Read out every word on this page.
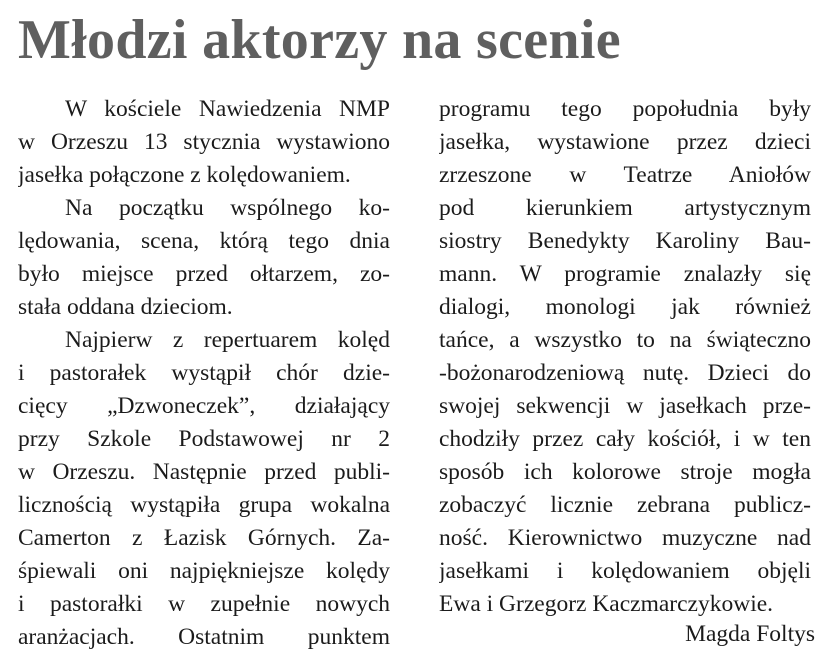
Młodzi aktorzy na scenie
W kościele Nawiedzenia NMP
w Orzeszu 13 stycznia wystawiono
jasełka połączone z kolędowaniem.
Na początku wspólnego ko-
lędowania, scena, którą tego dnia
było miejsce przed ołtarzem, zo-
stała oddana dzieciom.
Najpierw z repertuarem kolęd
i pastorałek wystąpił chór dzie-
cięcy „Dzwoneczek”, działający
przy Szkole Podstawowej nr 2
w Orzeszu. Następnie przed publi-
licznością wystąpiła grupa wokalna
Camerton z Łazisk Górnych. Za-
śpiewali oni najpiękniejsze kolędy
i pastorałki w zupełnie nowych
aranżacjach. Ostatnim punktem
programu tego popołudnia były
jasełka, wystawione przez dzieci
zrzeszone w Teatrze Aniołów
pod kierunkiem artystycznym
siostry Benedykty Karoliny Bau-
mann. W programie znalazły się
dialogi, monologi jak również
tańce, a wszystko to na świąteczno
-bożonarodzeniową nutę. Dzieci do
swojej sekwencji w jasełkach prze-
chodziły przez cały kościół, i w ten
sposób ich kolorowe stroje mogła
zobaczyć licznie zebrana publicz-
ność. Kierownictwo muzyczne nad
jasełkami i kolędowaniem objęli
Ewa i Grzegorz Kaczmarczykowie.
Magda Foltys
